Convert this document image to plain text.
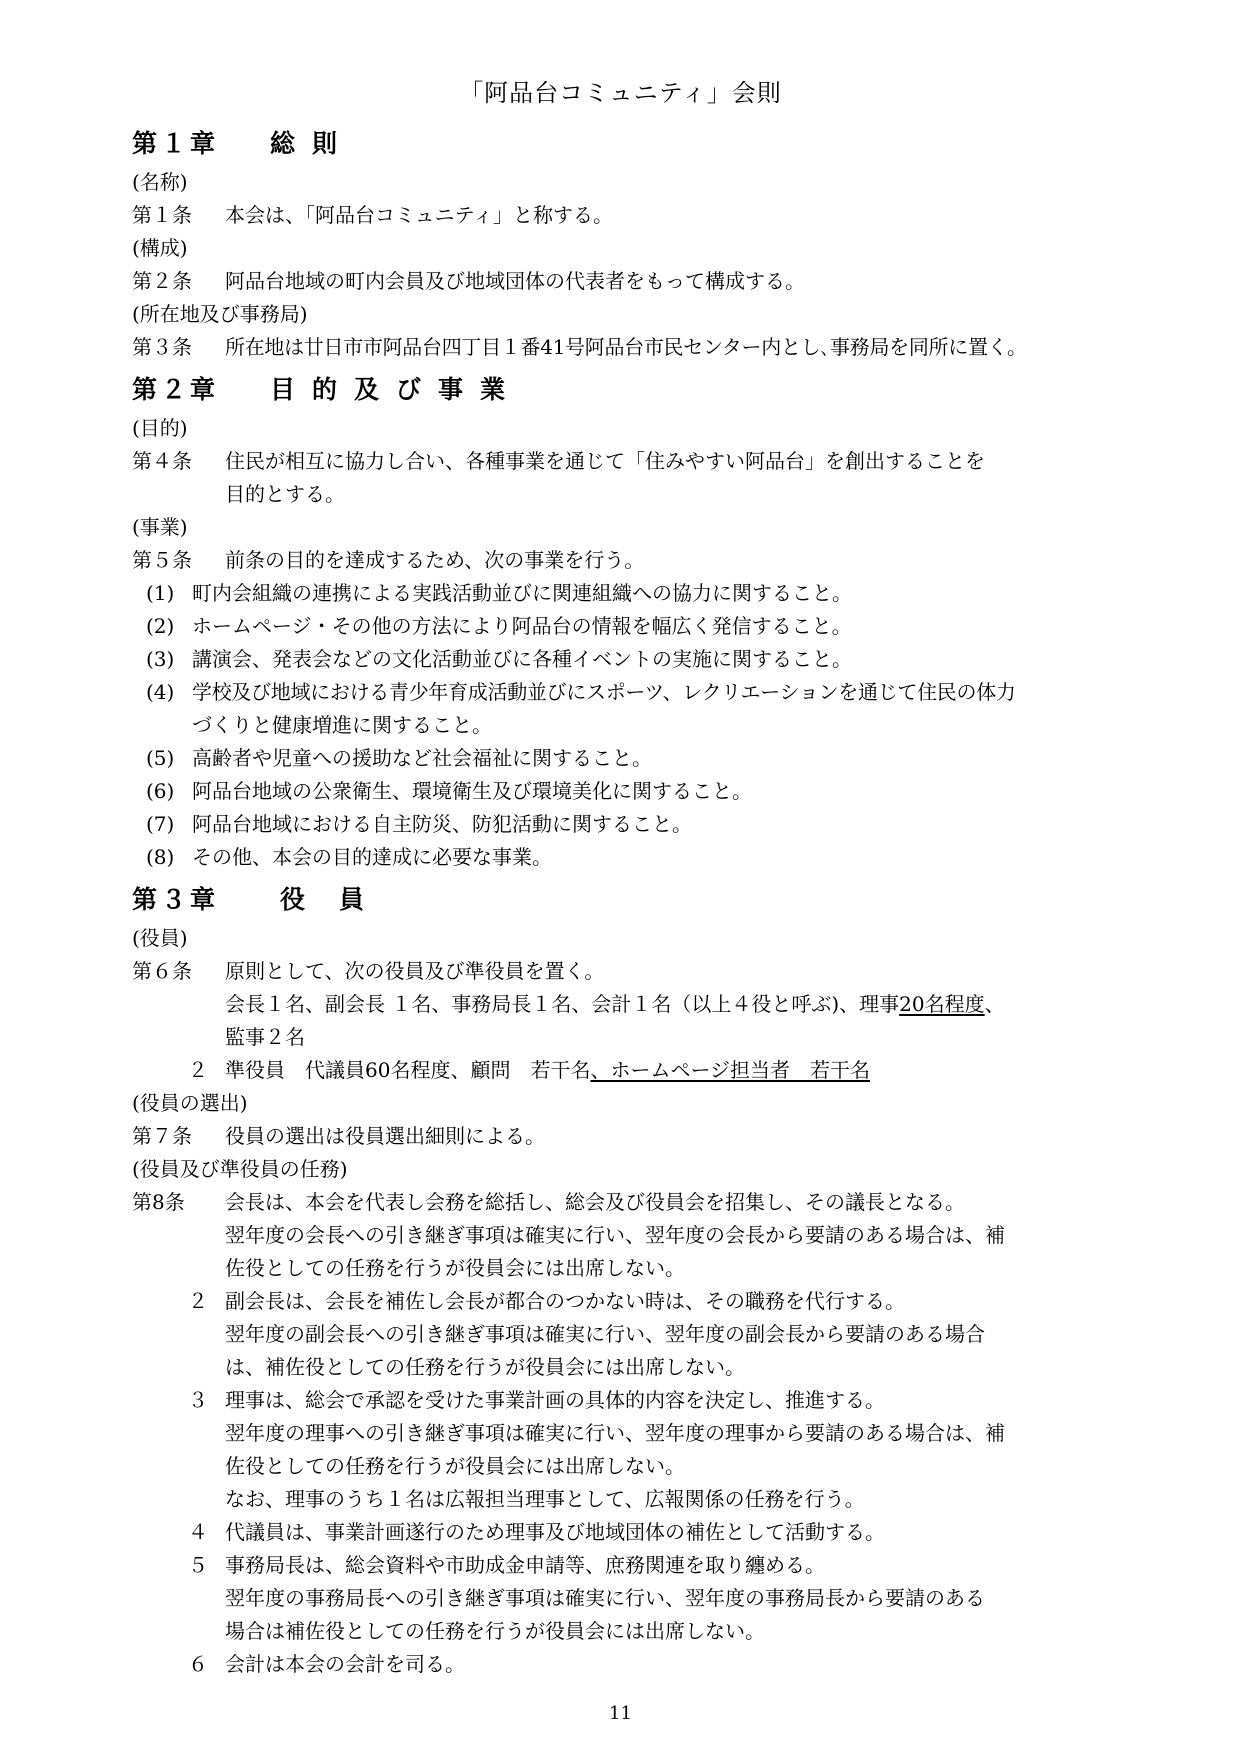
「阿品台コミュニティ」会則
第１章 総則
(名称)
第１条	本会は、「阿品台コミュニティ」と称する。
(構成)
第２条	阿品台地域の町内会員及び地域団体の代表者をもって構成する。
(所在地及び事務局)
第３条	所在地は廿日市市阿品台四丁目１番41号阿品台市民センター内とし､事務局を同所に置く。
第２章 目的及び事業
(目的)
第４条	住民が相互に協力し合い、各種事業を通じて「住みやすい阿品台」を創出することを
目的とする。
(事業)
第５条	前条の目的を達成するため、次の事業を行う。
(1) 町内会組織の連携による実践活動並びに関連組織への協力に関すること。
(2) ホームページ・その他の方法により阿品台の情報を幅広く発信すること。
(3) 講演会、発表会などの文化活動並びに各種イベントの実施に関すること。
(4) 学校及び地域における青少年育成活動並びにスポーツ、レクリエーションを通じて住民の体力
づくりと健康増進に関すること。
(5) 高齢者や児童への援助など社会福祉に関すること。
(6) 阿品台地域の公衆衛生、環境衛生及び環境美化に関すること。
(7) 阿品台地域における自主防災、防犯活動に関すること。
(8) その他、本会の目的達成に必要な事業。
第３章 役員
(役員)
第６条	原則として、次の役員及び準役員を置く。
会長１名、副会長 １名、事務局長１名、会計１名（以上４役と呼ぶ)、理事20名程度、
監事２名
２ 準役員　代議員60名程度、顧問　若干名、ホームページ担当者　若干名
(役員の選出)
第７条	役員の選出は役員選出細則による。
(役員及び準役員の任務)
第8条	会長は、本会を代表し会務を総括し、総会及び役員会を招集し、その議長となる。
翌年度の会長への引き継ぎ事項は確実に行い、翌年度の会長から要請のある場合は、補
佐役としての任務を行うが役員会には出席しない。
２ 副会長は、会長を補佐し会長が都合のつかない時は、その職務を代行する。
翌年度の副会長への引き継ぎ事項は確実に行い、翌年度の副会長から要請のある場合
は、補佐役としての任務を行うが役員会には出席しない。
３ 理事は、総会で承認を受けた事業計画の具体的内容を決定し、推進する。
翌年度の理事への引き継ぎ事項は確実に行い、翌年度の理事から要請のある場合は、補
佐役としての任務を行うが役員会には出席しない。
なお、理事のうち１名は広報担当理事として、広報関係の任務を行う。
４ 代議員は、事業計画遂行のため理事及び地域団体の補佐として活動する。
５ 事務局長は、総会資料や市助成金申請等、庶務関連を取り纏める。
翌年度の事務局長への引き継ぎ事項は確実に行い、翌年度の事務局長から要請のある
場合は補佐役としての任務を行うが役員会には出席しない。
６ 会計は本会の会計を司る。
11
